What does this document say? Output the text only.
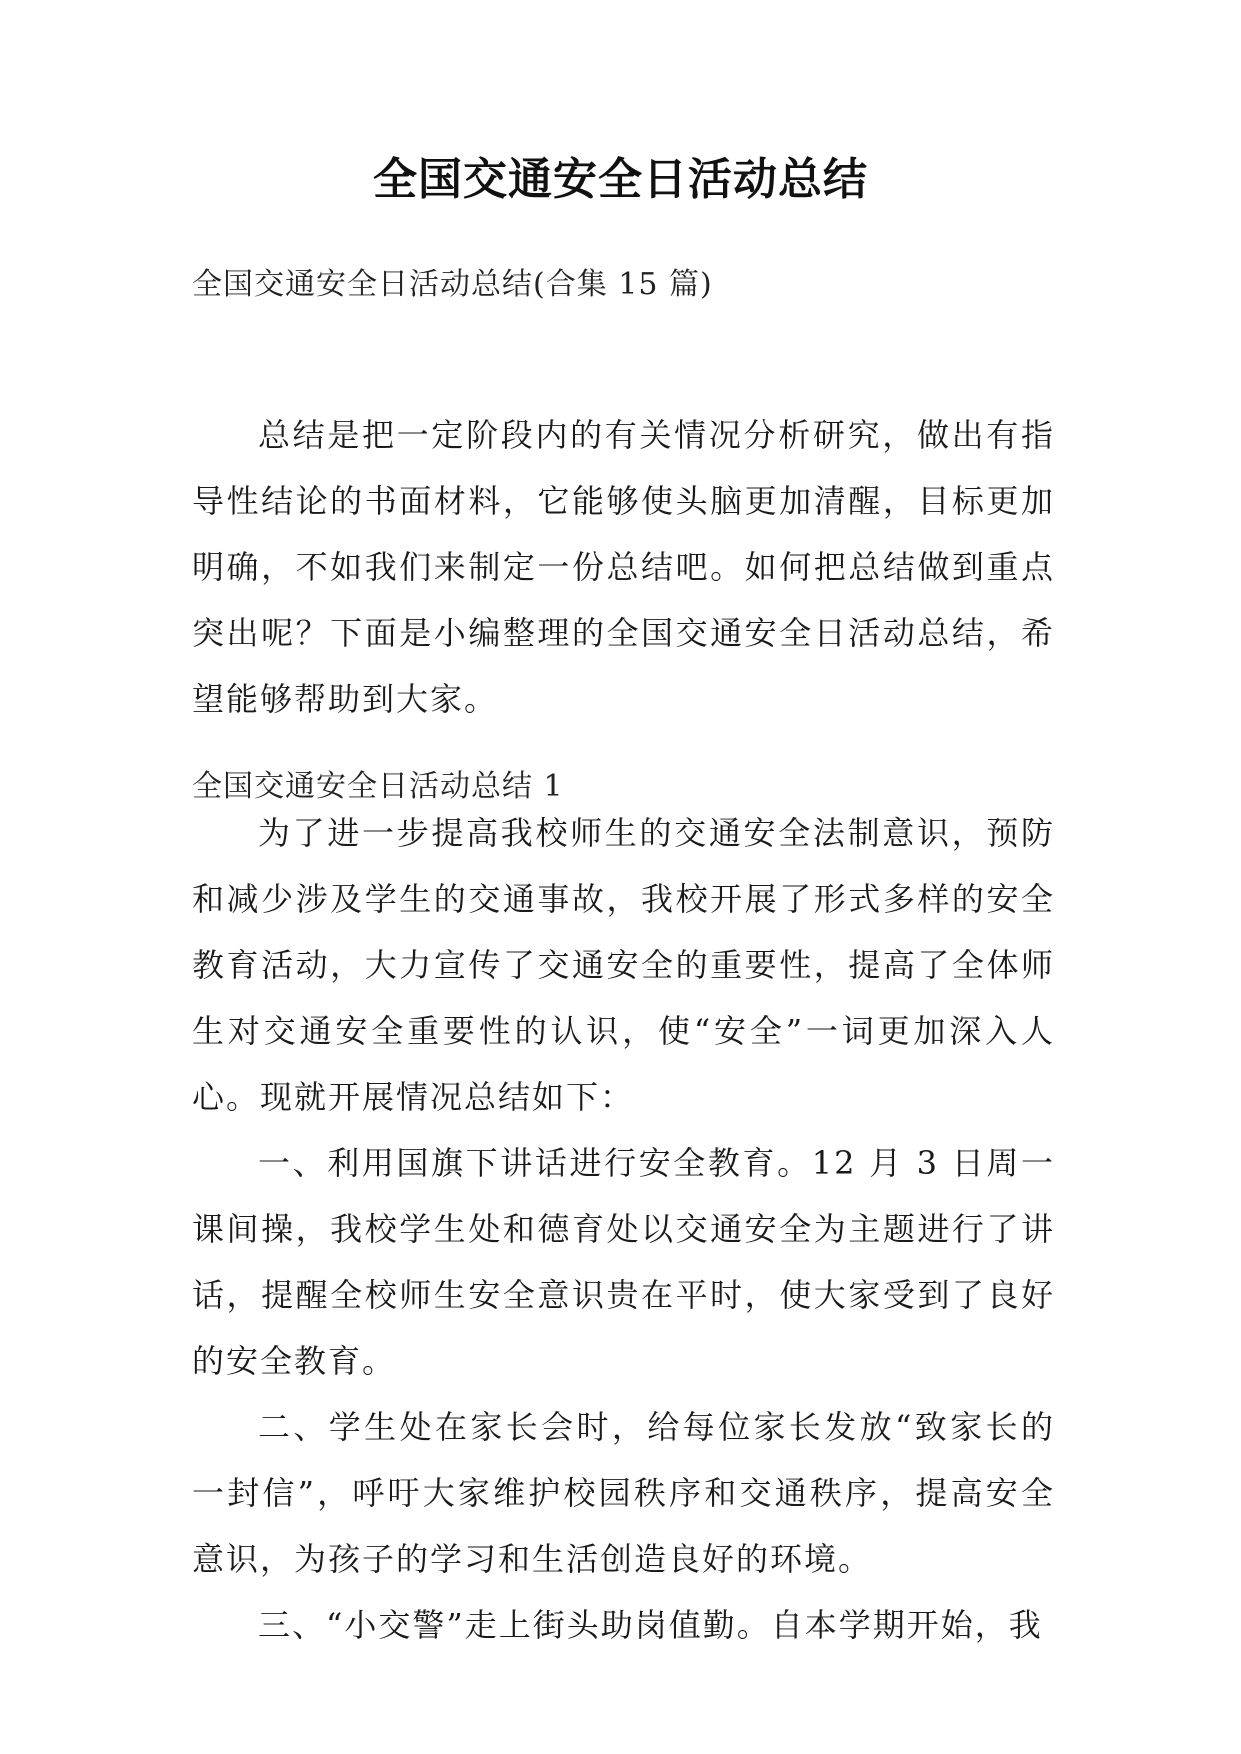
全国交通安全日活动总结
全国交通安全日活动总结(合集 15 篇)

总结是把一定阶段内的有关情况分析研究，做出有指导性结论的书面材料，它能够使头脑更加清醒，目标更加明确，不如我们来制定一份总结吧。如何把总结做到重点突出呢？下面是小编整理的全国交通安全日活动总结，希望能够帮助到大家。

全国交通安全日活动总结 1

为了进一步提高我校师生的交通安全法制意识，预防和减少涉及学生的交通事故，我校开展了形式多样的安全教育活动，大力宣传了交通安全的重要性，提高了全体师生对交通安全重要性的认识，使“安全”一词更加深入人心。现就开展情况总结如下：

一、利用国旗下讲话进行安全教育。12 月 3 日周一课间操，我校学生处和德育处以交通安全为主题进行了讲话，提醒全校师生安全意识贵在平时，使大家受到了良好的安全教育。

二、学生处在家长会时，给每位家长发放“致家长的一封信”，呼吁大家维护校园秩序和交通秩序，提高安全意识，为孩子的学习和生活创造良好的环境。

三、“小交警”走上街头助岗值勤。自本学期开始，我
